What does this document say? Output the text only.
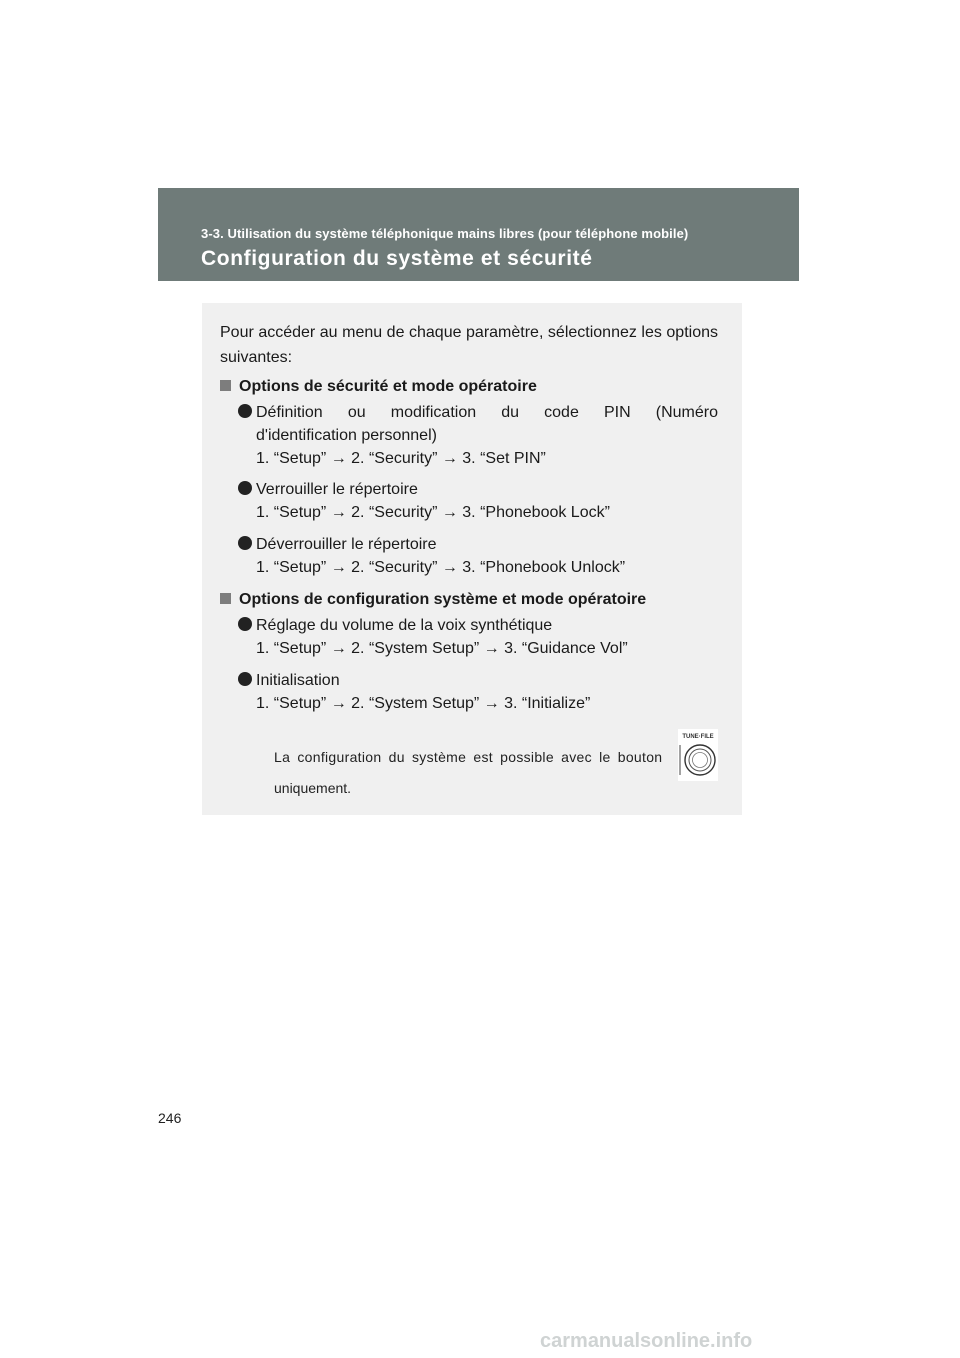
3-3. Utilisation du système téléphonique mains libres (pour téléphone mobile)
Configuration du système et sécurité
Pour accéder au menu de chaque paramètre, sélectionnez les options suivantes:
Options de sécurité et mode opératoire
Définition ou modification du code PIN (Numéro
d'identification personnel)
1. “Setup” → 2. “Security” → 3. “Set PIN”
Verrouiller le répertoire
1. “Setup” → 2. “Security” → 3. “Phonebook Lock”
Déverrouiller le répertoire
1. “Setup” → 2. “Security” → 3. “Phonebook Unlock”
Options de configuration système et mode opératoire
Réglage du volume de la voix synthétique
1. “Setup” → 2. “System Setup” → 3. “Guidance Vol”
Initialisation
1. “Setup” → 2. “System Setup” → 3. “Initialize”
La configuration du système est possible avec le bouton
uniquement.
TUNE·FILE
246
carmanualsonline.info
